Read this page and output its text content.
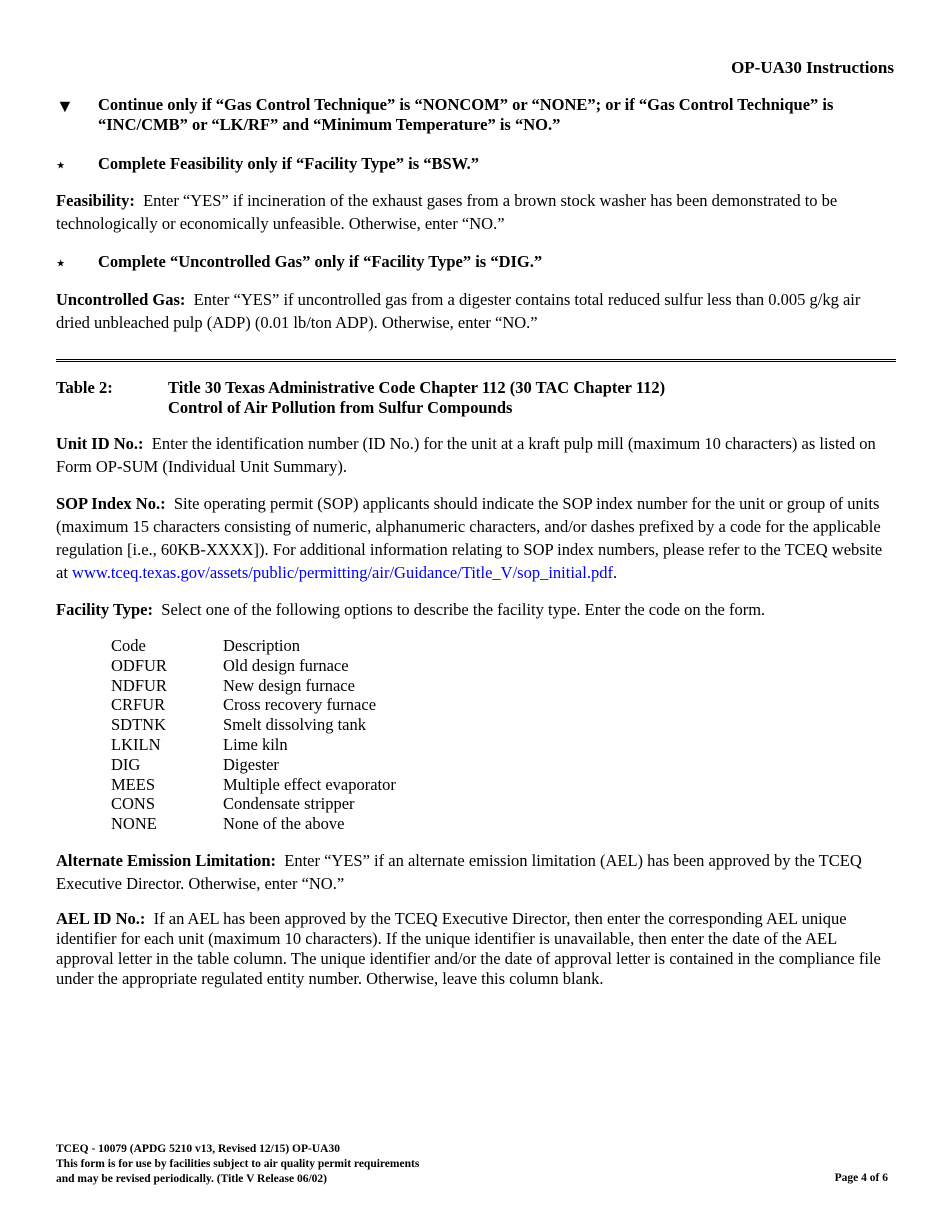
OP-UA30 Instructions
▼	Continue only if “Gas Control Technique” is “NONCOM” or “NONE”; or if “Gas Control Technique” is “INC/CMB” or “LK/RF” and “Minimum Temperature” is “NO.”
⋆	Complete Feasibility only if “Facility Type” is “BSW.”
Feasibility: Enter “YES” if incineration of the exhaust gases from a brown stock washer has been demonstrated to be technologically or economically unfeasible. Otherwise, enter “NO.”
⋆	Complete “Uncontrolled Gas” only if “Facility Type” is “DIG.”
Uncontrolled Gas: Enter “YES” if uncontrolled gas from a digester contains total reduced sulfur less than 0.005 g/kg air dried unbleached pulp (ADP) (0.01 lb/ton ADP). Otherwise, enter “NO.”
Table 2:	Title 30 Texas Administrative Code Chapter 112 (30 TAC Chapter 112)
Control of Air Pollution from Sulfur Compounds
Unit ID No.: Enter the identification number (ID No.) for the unit at a kraft pulp mill (maximum 10 characters) as listed on Form OP-SUM (Individual Unit Summary).
SOP Index No.: Site operating permit (SOP) applicants should indicate the SOP index number for the unit or group of units (maximum 15 characters consisting of numeric, alphanumeric characters, and/or dashes prefixed by a code for the applicable regulation [i.e., 60KB-XXXX]). For additional information relating to SOP index numbers, please refer to the TCEQ website at www.tceq.texas.gov/assets/public/permitting/air/Guidance/Title_V/sop_initial.pdf.
Facility Type: Select one of the following options to describe the facility type. Enter the code on the form.
Code	Description
ODFUR	Old design furnace
NDFUR	New design furnace
CRFUR	Cross recovery furnace
SDTNK	Smelt dissolving tank
LKILN	Lime kiln
DIG	Digester
MEES	Multiple effect evaporator
CONS	Condensate stripper
NONE	None of the above
Alternate Emission Limitation: Enter “YES” if an alternate emission limitation (AEL) has been approved by the TCEQ Executive Director. Otherwise, enter “NO.”
AEL ID No.: If an AEL has been approved by the TCEQ Executive Director, then enter the corresponding AEL unique identifier for each unit (maximum 10 characters). If the unique identifier is unavailable, then enter the date of the AEL approval letter in the table column. The unique identifier and/or the date of approval letter is contained in the compliance file under the appropriate regulated entity number. Otherwise, leave this column blank.
TCEQ - 10079 (APDG 5210 v13, Revised 12/15) OP-UA30
This form is for use by facilities subject to air quality permit requirements
and may be revised periodically. (Title V Release 06/02)	Page 4 of 6
